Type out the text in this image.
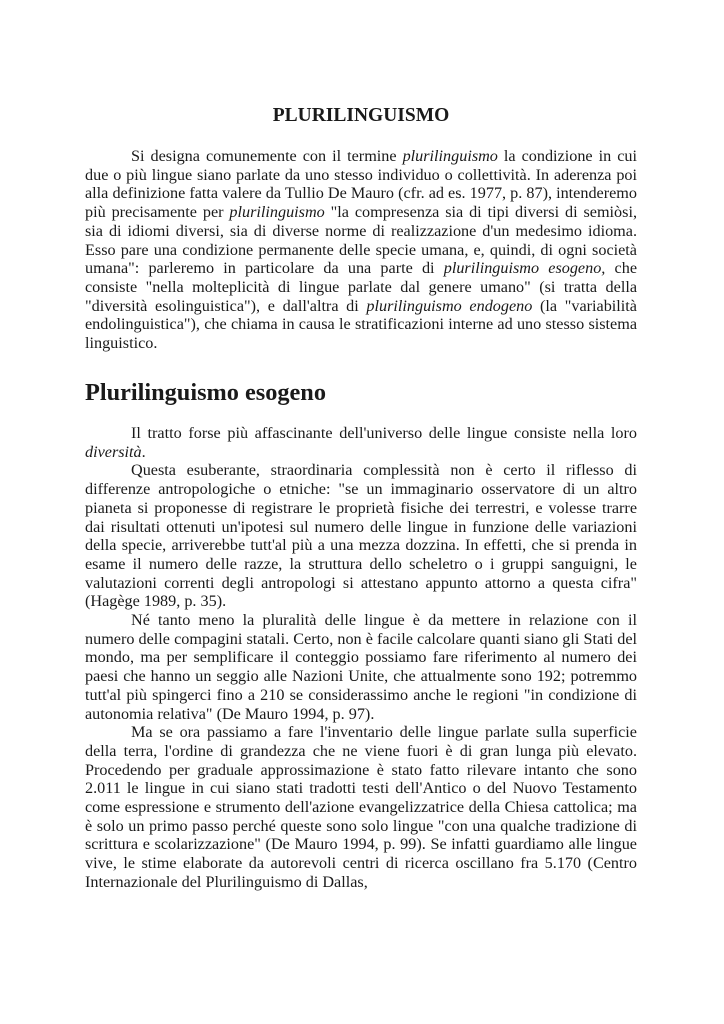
PLURILINGUISMO

Si designa comunemente con il termine plurilinguismo la condizione in cui due o più lingue siano parlate da uno stesso individuo o collettività. In aderenza poi alla definizione fatta valere da Tullio De Mauro (cfr. ad es. 1977, p. 87), intenderemo più precisamente per plurilinguismo "la compresenza sia di tipi diversi di semiòsi, sia di idiomi diversi, sia di diverse norme di realizzazione d'un medesimo idioma. Esso pare una condizione permanente delle specie umana, e, quindi, di ogni società umana": parleremo in particolare da una parte di plurilinguismo esogeno, che consiste "nella molteplicità di lingue parlate dal genere umano" (si tratta della "diversità esolinguistica"), e dall'altra di plurilinguismo endogeno (la "variabilità endolinguistica"), che chiama in causa le stratificazioni interne ad uno stesso sistema linguistico.

Plurilinguismo esogeno

Il tratto forse più affascinante dell'universo delle lingue consiste nella loro diversità.

Questa esuberante, straordinaria complessità non è certo il riflesso di differenze antropologiche o etniche: "se un immaginario osservatore di un altro pianeta si proponesse di registrare le proprietà fisiche dei terrestri, e volesse trarre dai risultati ottenuti un'ipotesi sul numero delle lingue in funzione delle variazioni della specie, arriverebbe tutt'al più a una mezza dozzina. In effetti, che si prenda in esame il numero delle razze, la struttura dello scheletro o i gruppi sanguigni, le valutazioni correnti degli antropologi si attestano appunto attorno a questa cifra" (Hagège 1989, p. 35).

Né tanto meno la pluralità delle lingue è da mettere in relazione con il numero delle compagini statali. Certo, non è facile calcolare quanti siano gli Stati del mondo, ma per semplificare il conteggio possiamo fare riferimento al numero dei paesi che hanno un seggio alle Nazioni Unite, che attualmente sono 192; potremmo tutt'al più spingerci fino a 210 se considerassimo anche le regioni "in condizione di autonomia relativa" (De Mauro 1994, p. 97).

Ma se ora passiamo a fare l'inventario delle lingue parlate sulla superficie della terra, l'ordine di grandezza che ne viene fuori è di gran lunga più elevato. Procedendo per graduale approssimazione è stato fatto rilevare intanto che sono 2.011 le lingue in cui siano stati tradotti testi dell'Antico o del Nuovo Testamento come espressione e strumento dell'azione evangelizzatrice della Chiesa cattolica; ma è solo un primo passo perché queste sono solo lingue "con una qualche tradizione di scrittura e scolarizzazione" (De Mauro 1994, p. 99). Se infatti guardiamo alle lingue vive, le stime elaborate da autorevoli centri di ricerca oscillano fra 5.170 (Centro Internazionale del Plurilinguismo di Dallas,
